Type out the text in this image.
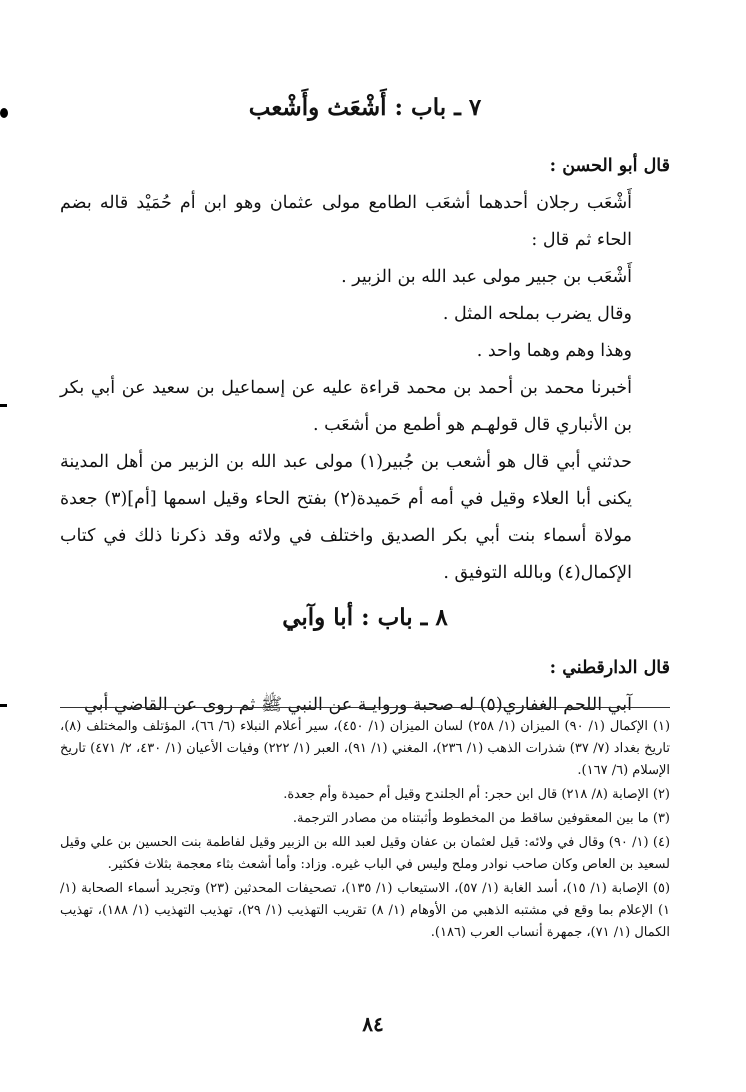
٧ ـ باب : أَشْعَث وأَشْعب

قال أبو الحسن :

أَشْعَب رجلان أحدهما أشعَب الطامع مولى عثمان وهو ابن أم حُمَيْد قاله بضم الحاء ثم قال :

أَشْعَب بن جبير مولى عبد الله بن الزبير .

وقال يضرب بملحه المثل .

وهذا وهم وهما واحد .

أخبرنا محمد بن أحمد بن محمد قراءة عليه عن إسماعيل بن سعيد عن أبي بكر بن الأنباري قال قولهـم هو أطمع من أشعَب .

حدثني أبي قال هو أشعب بن جُبير(١) مولى عبد الله بن الزبير من أهل المدينة يكنى أبا العلاء وقيل في أمه أم حَميدة(٢) بفتح الحاء وقيل اسمها [أم](٣) جعدة مولاة أسماء بنت أبي بكر الصديق واختلف في ولائه وقد ذكرنا ذلك في كتاب الإكمال(٤) وبالله التوفيق .

٨ ـ باب : أبا وآبي

قال الدارقطني :

آبي اللحم الغفاري(٥) له صحبة وروايـة عن النبي ﷺ ثم روى عن القاضي أبي

(١) الإكمال (١/ ٩٠) الميزان (١/ ٢٥٨) لسان الميزان (١/ ٤٥٠)، سير أعلام النبلاء (٦/ ٦٦)، المؤتلف والمختلف (٨)، تاريخ بغداد (٧/ ٣٧) شذرات الذهب (١/ ٢٣٦)، المغني (١/ ٩١)، العبر (١/ ٢٢٢) وفيات الأعيان (١/ ٤٣٠، ٢/ ٤٧١) تاريخ الإسلام (٦/ ١٦٧).

(٢) الإصابة (٨/ ٢١٨) قال ابن حجر: أم الجلندح وقيل أم حميدة وأم جعدة.

(٣) ما بين المعقوفين ساقط من المخطوط وأثبتناه من مصادر الترجمة.

(٤) (١/ ٩٠) وقال في ولائه: قيل لعثمان بن عفان وقيل لعبد الله بن الزبير وقيل لفاطمة بنت الحسين بن علي وقيل لسعيد بن العاص وكان صاحب نوادر وملح وليس في الباب غيره. وزاد: وأما أشعث بثاء معجمة بثلاث فكثير.

(٥) الإصابة (١/ ١٥)، أسد الغابة (١/ ٥٧)، الاستيعاب (١/ ١٣٥)، تصحيفات المحدثين (٢٣) وتجريد أسماء الصحابة (١/ ١) الإعلام بما وقع في مشتبه الذهبي من الأوهام (١/ ٨) تقريب التهذيب (١/ ٢٩)، تهذيب التهذيب (١/ ١٨٨)، تهذيب الكمال (١/ ٧١)، جمهرة أنساب العرب (١٨٦).

٨٤
